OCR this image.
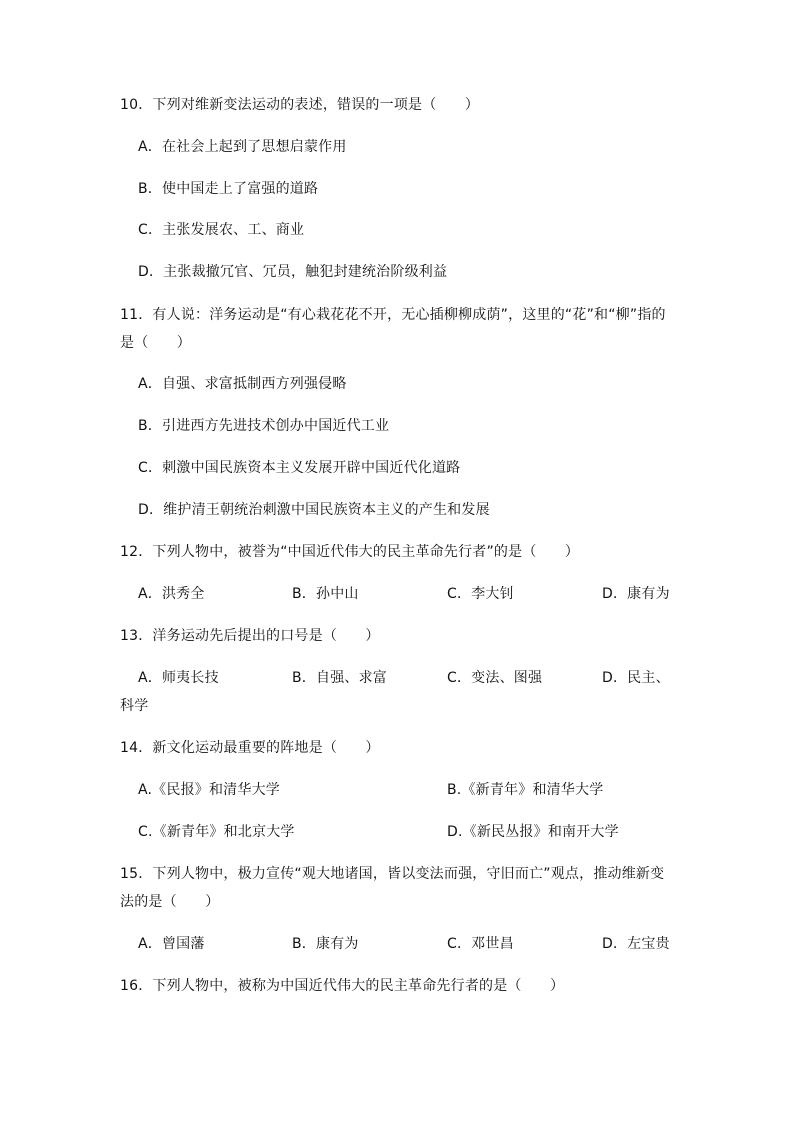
10．下列对维新变法运动的表述，错误的一项是（　　）
A．在社会上起到了思想启蒙作用
B．使中国走上了富强的道路
C．主张发展农、工、商业
D．主张裁撤冗官、冗员，触犯封建统治阶级利益
11．有人说：洋务运动是“有心栽花花不开，无心插柳柳成荫”，这里的“花”和“柳”指的
是（　　）
A．自强、求富抵制西方列强侵略
B．引进西方先进技术创办中国近代工业
C．刺激中国民族资本主义发展开辟中国近代化道路
D．维护清王朝统治刺激中国民族资本主义的产生和发展
12．下列人物中，被誉为“中国近代伟大的民主革命先行者”的是（　　）
A．洪秀全	B．孙中山	C．李大钊	D．康有为
13．洋务运动先后提出的口号是（　　）
A．师夷长技	B．自强、求富	C．变法、图强	D．民主、
科学
14．新文化运动最重要的阵地是（　　）
A.《民报》和清华大学	B.《新青年》和清华大学
C.《新青年》和北京大学	D.《新民丛报》和南开大学
15．下列人物中，极力宣传“观大地诸国，皆以变法而强，守旧而亡”观点，推动维新变
法的是（　　）
A．曾国藩	B．康有为	C．邓世昌	D．左宝贵
16．下列人物中，被称为中国近代伟大的民主革命先行者的是（　　）
